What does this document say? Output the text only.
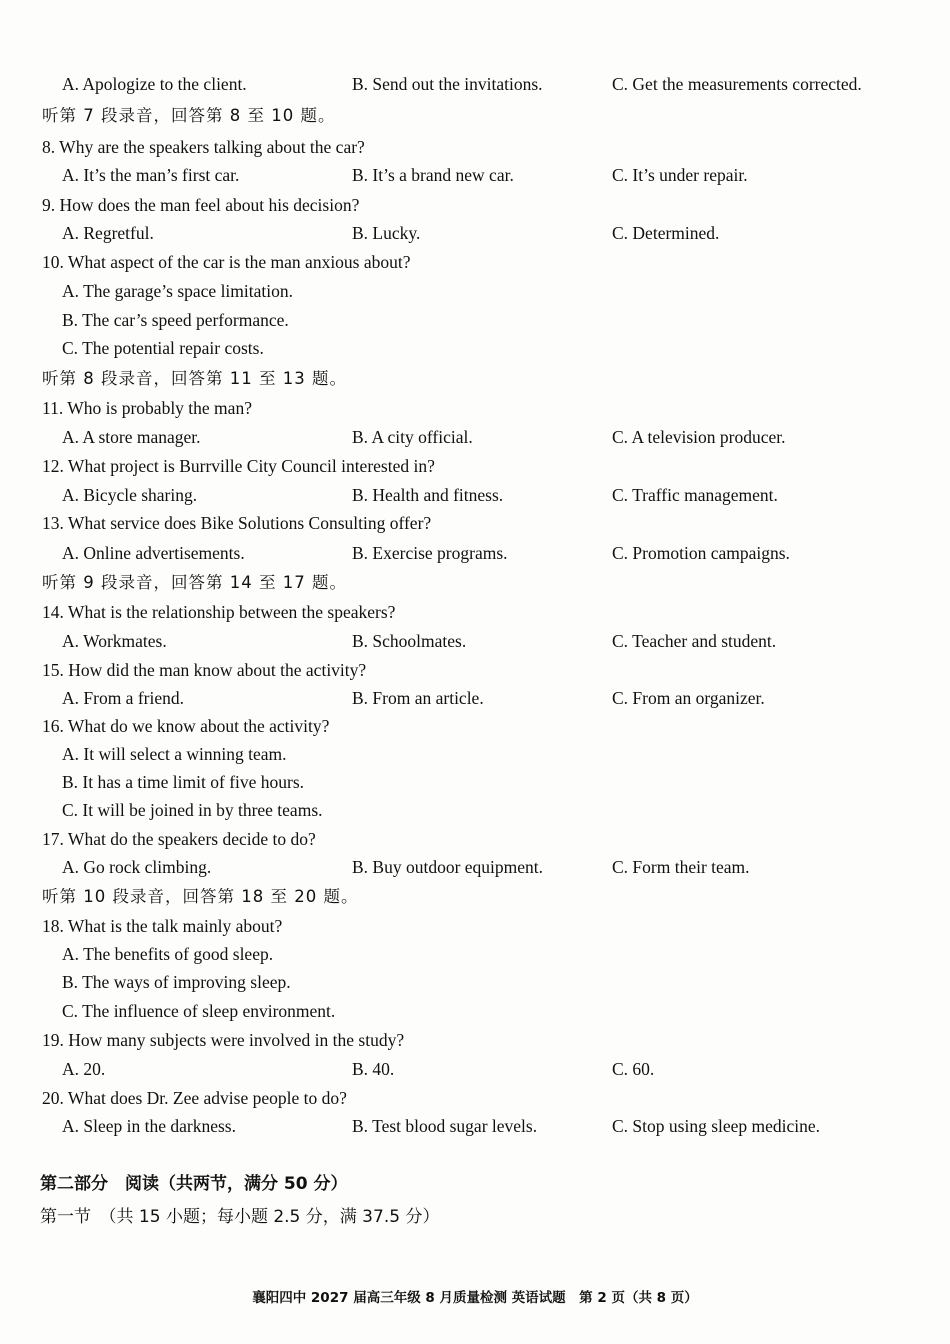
A. Apologize to the client.	B. Send out the invitations.	C. Get the measurements corrected.
听第 7 段录音，回答第 8 至 10 题。
8. Why are the speakers talking about the car?
A. It’s the man’s first car.	B. It’s a brand new car.	C. It’s under repair.
9. How does the man feel about his decision?
A. Regretful.	B. Lucky.	C. Determined.
10. What aspect of the car is the man anxious about?
A. The garage’s space limitation.
B. The car’s speed performance.
C. The potential repair costs.
听第 8 段录音，回答第 11 至 13 题。
11. Who is probably the man?
A. A store manager.	B. A city official.	C. A television producer.
12. What project is Burrville City Council interested in?
A. Bicycle sharing.	B. Health and fitness.	C. Traffic management.
13. What service does Bike Solutions Consulting offer?
A. Online advertisements.	B. Exercise programs.	C. Promotion campaigns.
听第 9 段录音，回答第 14 至 17 题。
14. What is the relationship between the speakers?
A. Workmates.	B. Schoolmates.	C. Teacher and student.
15. How did the man know about the activity?
A. From a friend.	B. From an article.	C. From an organizer.
16. What do we know about the activity?
A. It will select a winning team.
B. It has a time limit of five hours.
C. It will be joined in by three teams.
17. What do the speakers decide to do?
A. Go rock climbing.	B. Buy outdoor equipment.	C. Form their team.
听第 10 段录音，回答第 18 至 20 题。
18. What is the talk mainly about?
A. The benefits of good sleep.
B. The ways of improving sleep.
C. The influence of sleep environment.
19. How many subjects were involved in the study?
A. 20.	B. 40.	C. 60.
20. What does Dr. Zee advise people to do?
A. Sleep in the darkness.	B. Test blood sugar levels.	C. Stop using sleep medicine.
第二部分　阅读（共两节，满分 50 分）
第一节　（共 15 小题；每小题 2.5 分，满 37.5 分）
襄阳四中 2027 届高三年级 8 月质量检测 英语试题　第 2 页（共 8 页）
